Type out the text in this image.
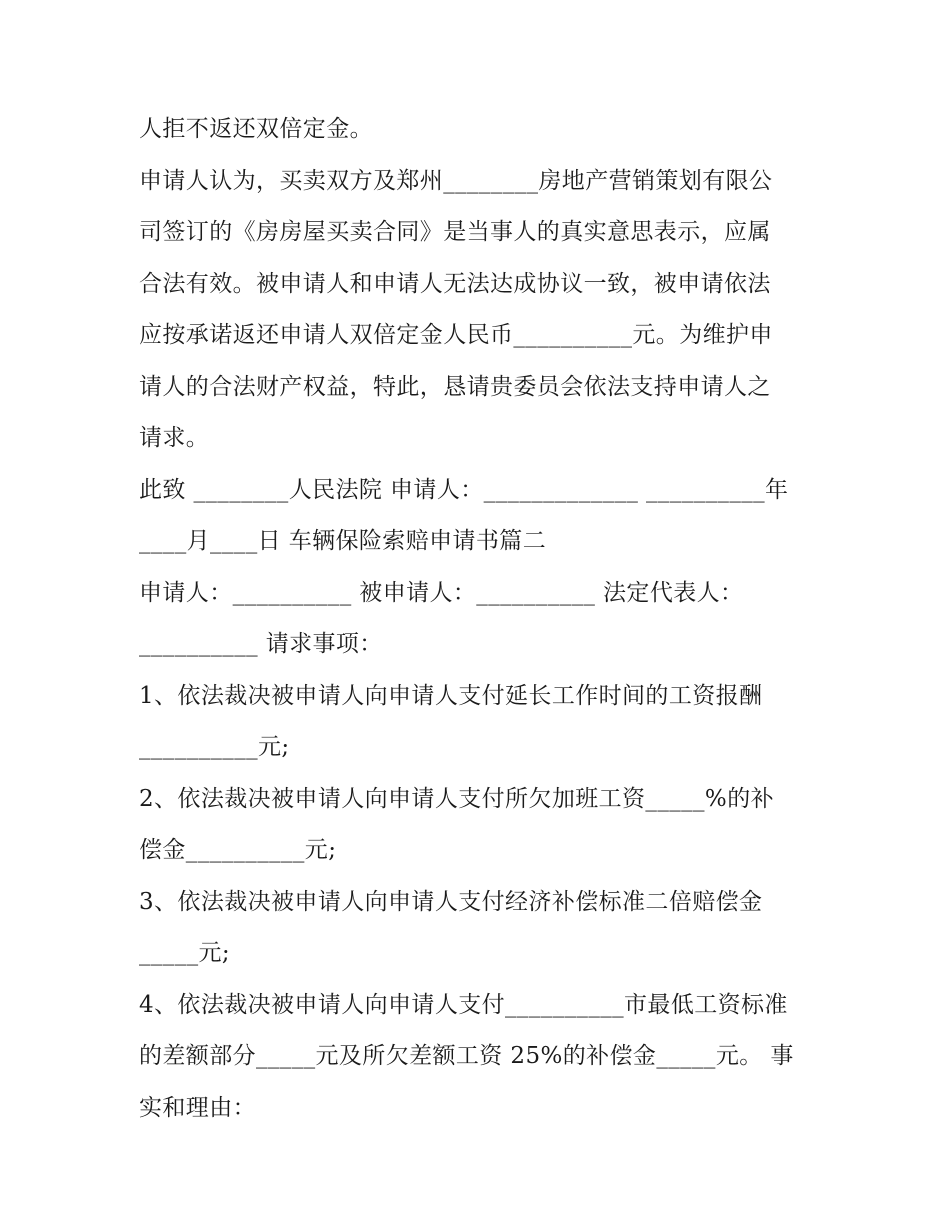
人拒不返还双倍定金。
申请人认为，买卖双方及郑州________房地产营销策划有限公
司签订的《房房屋买卖合同》是当事人的真实意思表示，应属
合法有效。被申请人和申请人无法达成协议一致，被申请依法
应按承诺返还申请人双倍定金人民币__________元。为维护申
请人的合法财产权益，特此，恳请贵委员会依法支持申请人之
请求。
此致 ________人民法院 申请人：_____________ __________年
____月____日 车辆保险索赔申请书篇二
申请人：__________ 被申请人：__________ 法定代表人：
__________ 请求事项：
1、依法裁决被申请人向申请人支付延长工作时间的工资报酬
__________元;
2、依法裁决被申请人向申请人支付所欠加班工资_____%的补
偿金__________元;
3、依法裁决被申请人向申请人支付经济补偿标准二倍赔偿金
_____元;
4、依法裁决被申请人向申请人支付__________市最低工资标准
的差额部分_____元及所欠差额工资 25%的补偿金_____元。 事
实和理由：
